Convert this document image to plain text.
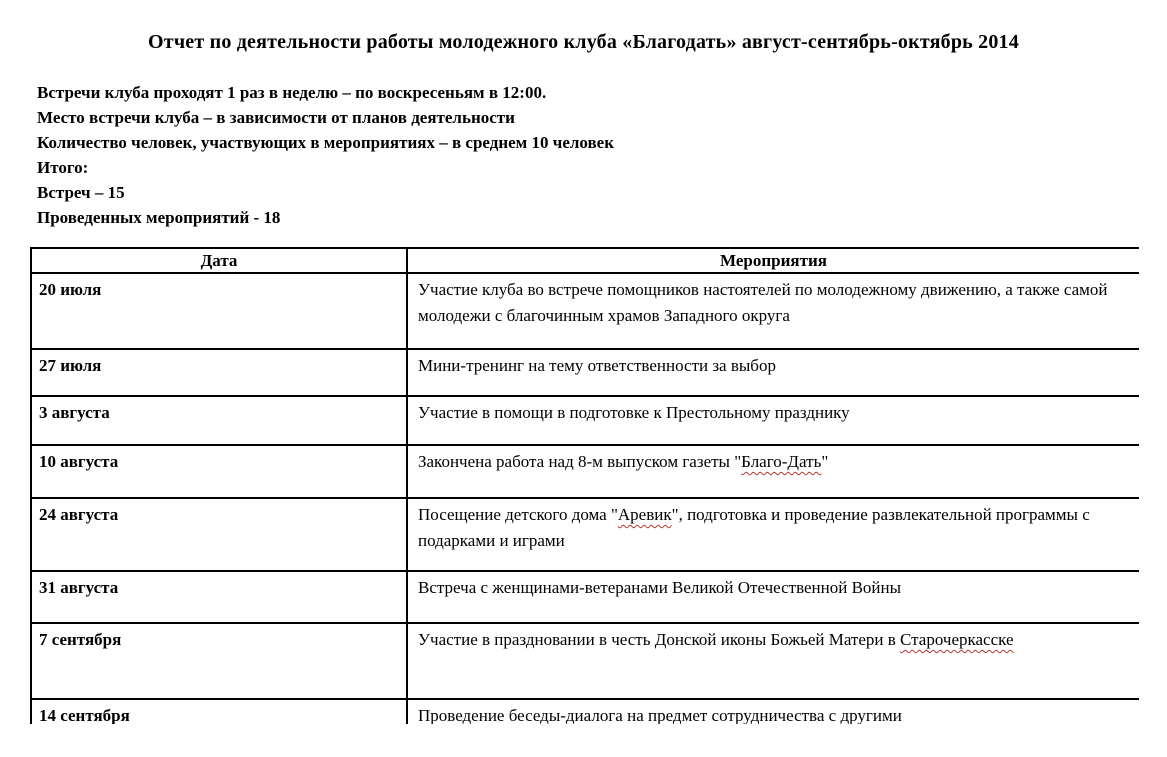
Отчет по деятельности работы молодежного клуба «Благодать» август-сентябрь-октябрь 2014
Встречи клуба проходят 1 раз в неделю – по воскресеньям в 12:00.
Место встречи клуба – в зависимости от планов деятельности
Количество человек, участвующих в мероприятиях – в среднем 10 человек
Итого:
Встреч – 15
Проведенных мероприятий - 18
Дата	Мероприятия
20 июля	Участие клуба во встрече помощников настоятелей по молодежному движению, а также самой молодежи с благочинным храмов Западного округа
27 июля	Мини-тренинг на тему ответственности за выбор
3 августа	Участие в помощи в подготовке к Престольному празднику
10 августа	Закончена работа над 8-м выпуском газеты "Благо-Дать"
24 августа	Посещение детского дома "Аревик", подготовка и проведение развлекательной программы с подарками и играми
31 августа	Встреча с женщинами-ветеранами Великой Отечественной Войны
7 сентября	Участие в праздновании в честь Донской иконы Божьей Матери в Старочеркасске
14 сентября	Проведение беседы-диалога на предмет сотрудничества с другими
